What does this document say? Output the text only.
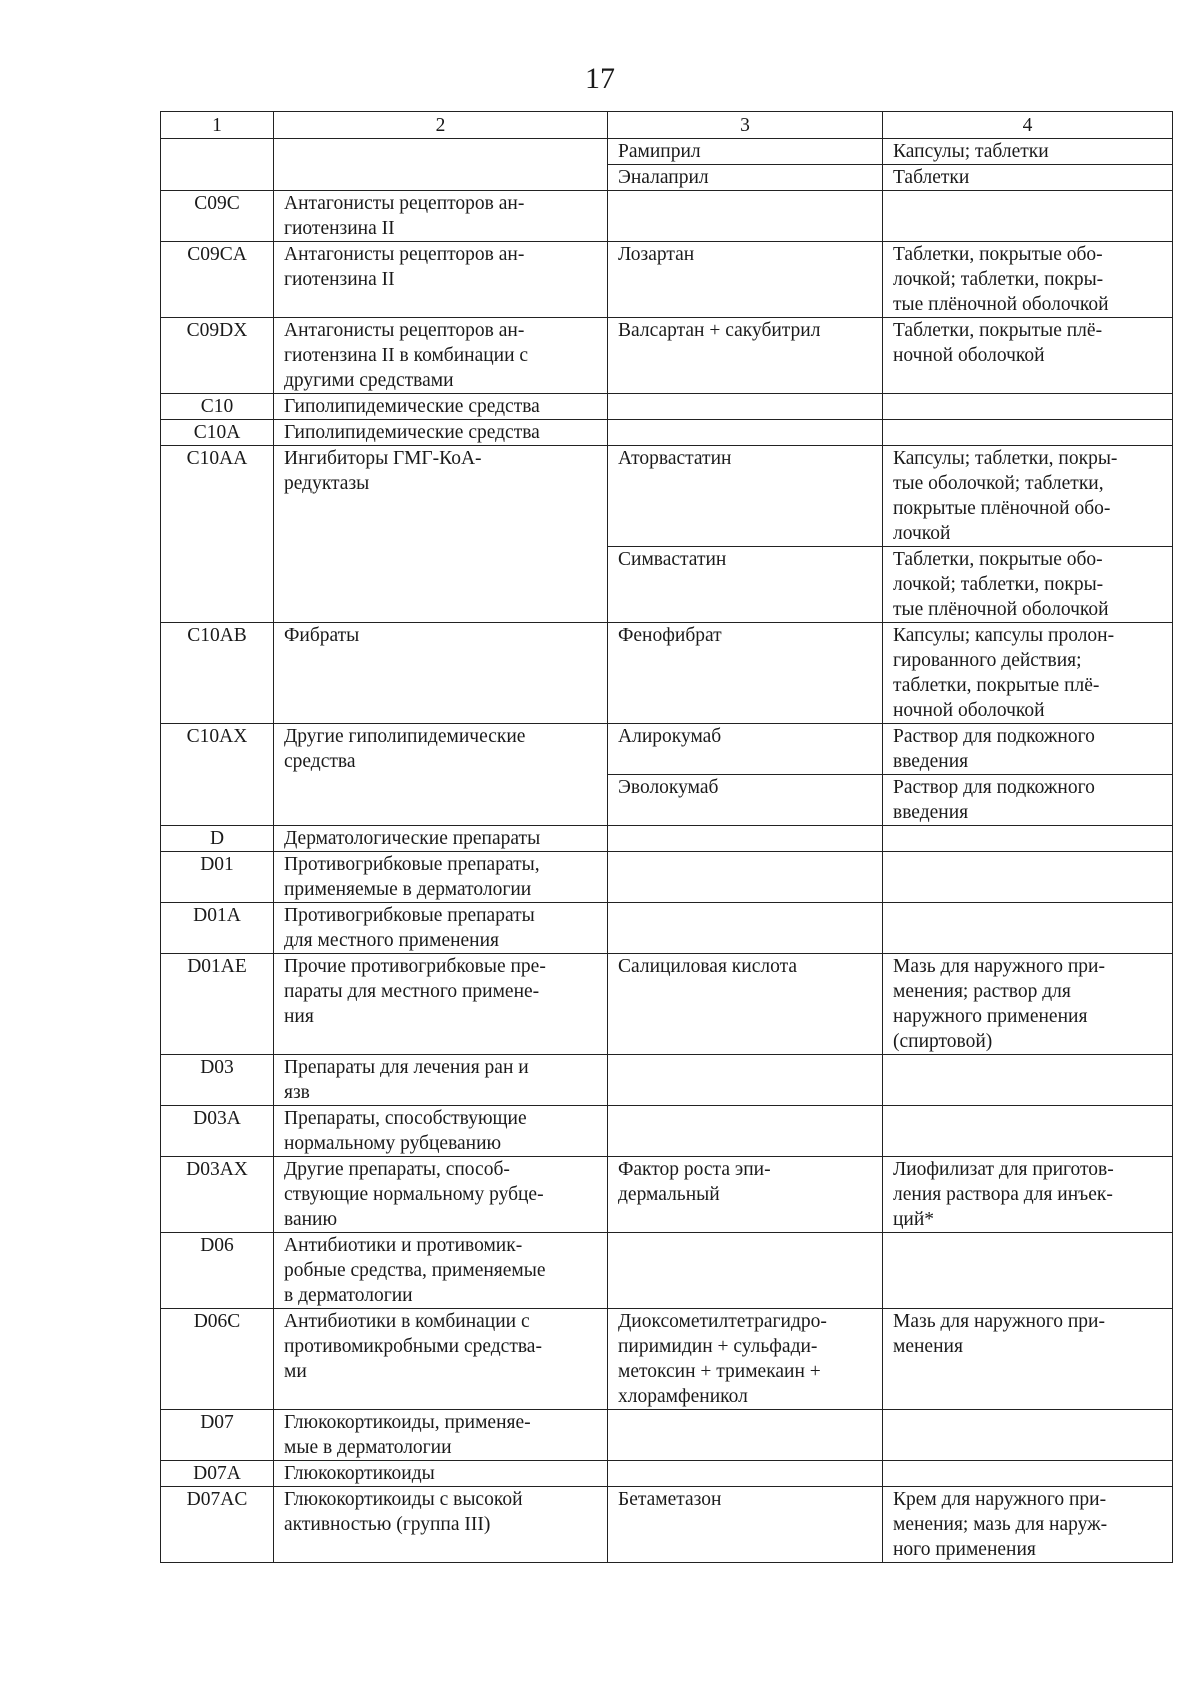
17
1	2	3	4
		Рамиприл	Капсулы; таблетки
		Эналаприл	Таблетки
C09C	Антагонисты рецепторов ан-
гиотензина II		
C09CA	Антагонисты рецепторов ан-
гиотензина II	Лозартан	Таблетки, покрытые обо-
лочкой; таблетки, покры-
тые плёночной оболочкой
C09DX	Антагонисты рецепторов ан-
гиотензина II в комбинации с
другими средствами	Валсартан + сакубитрил	Таблетки, покрытые плё-
ночной оболочкой
C10	Гиполипидемические средства		
C10A	Гиполипидемические средства		
C10AA	Ингибиторы ГМГ-КоА-
редуктазы	Аторвастатин	Капсулы; таблетки, покры-
тые оболочкой; таблетки,
покрытые плёночной обо-
лочкой
		Симвастатин	Таблетки, покрытые обо-
лочкой; таблетки, покры-
тые плёночной оболочкой
C10AB	Фибраты	Фенофибрат	Капсулы; капсулы пролон-
гированного действия;
таблетки, покрытые плё-
ночной оболочкой
C10AX	Другие гиполипидемические
средства	Алирокумаб	Раствор для подкожного
введения
		Эволокумаб	Раствор для подкожного
введения
D	Дерматологические препараты		
D01	Противогрибковые препараты,
применяемые в дерматологии		
D01A	Противогрибковые препараты
для местного применения		
D01AE	Прочие противогрибковые пре-
параты для местного примене-
ния	Салициловая кислота	Мазь для наружного при-
менения; раствор для
наружного применения
(спиртовой)
D03	Препараты для лечения ран и
язв		
D03A	Препараты, способствующие
нормальному рубцеванию		
D03AX	Другие препараты, способ-
ствующие нормальному рубце-
ванию	Фактор роста эпи-
дермальный	Лиофилизат для приготов-
ления раствора для инъек-
ций*
D06	Антибиотики и противомик-
робные средства, применяемые
в дерматологии		
D06C	Антибиотики в комбинации с
противомикробными средства-
ми	Диоксометилтетрагидро-
пиримидин + сульфади-
метоксин + тримекаин +
хлорамфеникол	Мазь для наружного при-
менения
D07	Глюкокортикоиды, применяе-
мые в дерматологии		
D07A	Глюкокортикоиды		
D07AC	Глюкокортикоиды с высокой
активностью (группа III)	Бетаметазон	Крем для наружного при-
менения; мазь для наруж-
ного применения
